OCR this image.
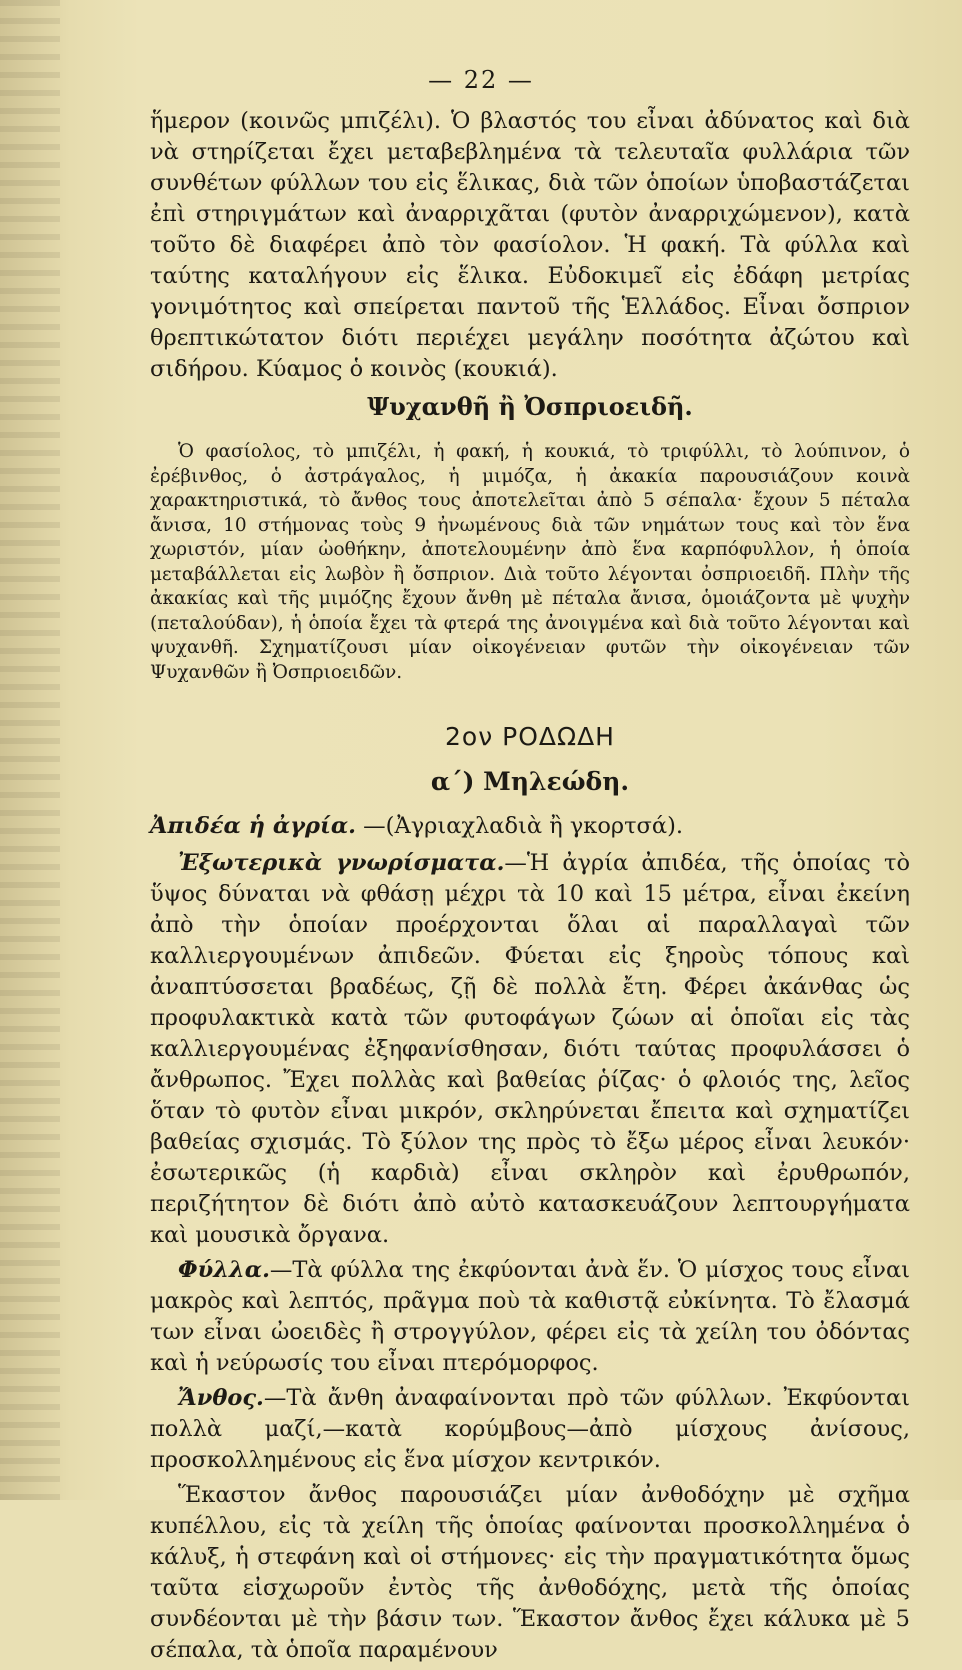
— 22 —

ἥμερον (κοινῶς μπιζέλι). Ὁ βλαστός του εἶναι ἀδύνατος καὶ διὰ νὰ στηρίζεται ἔχει μεταβεβλημένα τὰ τελευταῖα φυλλάρια τῶν συνθέτων φύλλων του εἰς ἕλικας, διὰ τῶν ὁποίων ὑποβαστάζεται ἐπὶ στηριγμάτων καὶ ἀναρριχᾶται (φυτὸν ἀναρριχώμενον), κατὰ τοῦτο δὲ διαφέρει ἀπὸ τὸν φασίολον. Ἡ φακή. Τὰ φύλλα καὶ ταύτης καταλήγουν εἰς ἕλικα. Εὐδοκιμεῖ εἰς ἐδάφη μετρίας γονιμότητος καὶ σπείρεται παντοῦ τῆς Ἑλλάδος. Εἶναι ὄσπριον θρεπτικώτατον διότι περιέχει μεγάλην ποσότητα ἀζώτου καὶ σιδήρου. Κύαμος ὁ κοινὸς (κουκιά).

Ψυχανθῆ ἢ Ὀσπριοειδῆ.

Ὁ φασίολος, τὸ μπιζέλι, ἡ φακή, ἡ κουκιά, τὸ τριφύλλι, τὸ λούπινον, ὁ ἐρέβινθος, ὁ ἀστράγαλος, ἡ μιμόζα, ἡ ἀκακία παρουσιάζουν κοινὰ χαρακτηριστικά, τὸ ἄνθος τους ἀποτελεῖται ἀπὸ 5 σέπαλα· ἔχουν 5 πέταλα ἄνισα, 10 στήμονας τοὺς 9 ἠνωμένους διὰ τῶν νημάτων τους καὶ τὸν ἕνα χωριστόν, μίαν ὠοθήκην, ἀποτελουμένην ἀπὸ ἕνα καρπόφυλλον, ἡ ὁποία μεταβάλλεται εἰς λωβὸν ἢ ὄσπριον. Διὰ τοῦτο λέγονται ὀσπριοειδῆ. Πλὴν τῆς ἀκακίας καὶ τῆς μιμόζης ἔχουν ἄνθη μὲ πέταλα ἄνισα, ὁμοιάζοντα μὲ ψυχὴν (πεταλούδαν), ἡ ὁποία ἔχει τὰ φτερά της ἀνοιγμένα καὶ διὰ τοῦτο λέγονται καὶ ψυχανθῆ. Σχηματίζουσι μίαν οἰκογένειαν φυτῶν τὴν οἰκογένειαν τῶν Ψυχανθῶν ἢ Ὀσπριοειδῶν.

2ον ΡΟΔΩΔΗ
α΄) Μηλεώδη.

Ἀπιδέα ἡ ἀγρία. —(Ἀγριαχλαδιὰ ἢ γκορτσά).

Ἐξωτερικὰ γνωρίσματα.—Ἡ ἀγρία ἀπιδέα, τῆς ὁποίας τὸ ὕψος δύναται νὰ φθάσῃ μέχρι τὰ 10 καὶ 15 μέτρα, εἶναι ἐκείνη ἀπὸ τὴν ὁποίαν προέρχονται ὅλαι αἱ παραλλαγαὶ τῶν καλλιεργουμένων ἀπιδεῶν. Φύεται εἰς ξηροὺς τόπους καὶ ἀναπτύσσεται βραδέως, ζῇ δὲ πολλὰ ἔτη. Φέρει ἀκάνθας ὡς προφυλακτικὰ κατὰ τῶν φυτοφάγων ζώων αἱ ὁποῖαι εἰς τὰς καλλιεργουμένας ἐξηφανίσθησαν, διότι ταύτας προφυλάσσει ὁ ἄνθρωπος. Ἔχει πολλὰς καὶ βαθείας ῥίζας· ὁ φλοιός της, λεῖος ὅταν τὸ φυτὸν εἶναι μικρόν, σκληρύνεται ἔπειτα καὶ σχηματίζει βαθείας σχισμάς. Τὸ ξύλον της πρὸς τὸ ἔξω μέρος εἶναι λευκόν· ἐσωτερικῶς (ἡ καρδιὰ) εἶναι σκληρὸν καὶ ἐρυθρωπόν, περιζήτητον δὲ διότι ἀπὸ αὐτὸ κατασκευάζουν λεπτουργήματα καὶ μουσικὰ ὄργανα.

Φύλλα.—Τὰ φύλλα της ἐκφύονται ἀνὰ ἕν. Ὁ μίσχος τους εἶναι μακρὸς καὶ λεπτός, πρᾶγμα ποὺ τὰ καθιστᾷ εὐκίνητα. Τὸ ἔλασμά των εἶναι ὠοειδὲς ἢ στρογγύλον, φέρει εἰς τὰ χείλη του ὀδόντας καὶ ἡ νεύρωσίς του εἶναι πτερόμορφος.

Ἄνθος.—Τὰ ἄνθη ἀναφαίνονται πρὸ τῶν φύλλων. Ἐκφύονται πολλὰ μαζί,—κατὰ κορύμβους—ἀπὸ μίσχους ἀνίσους, προσκολλημένους εἰς ἕνα μίσχον κεντρικόν.

Ἕκαστον ἄνθος παρουσιάζει μίαν ἀνθοδόχην μὲ σχῆμα κυπέλλου, εἰς τὰ χείλη τῆς ὁποίας φαίνονται προσκολλημένα ὁ κάλυξ, ἡ στεφάνη καὶ οἱ στήμονες· εἰς τὴν πραγματικότητα ὅμως ταῦτα εἰσχωροῦν ἐντὸς τῆς ἀνθοδόχης, μετὰ τῆς ὁποίας συνδέονται μὲ τὴν βάσιν των. Ἕκαστον ἄνθος ἔχει κάλυκα μὲ 5 σέπαλα, τὰ ὁποῖα παραμένουν
